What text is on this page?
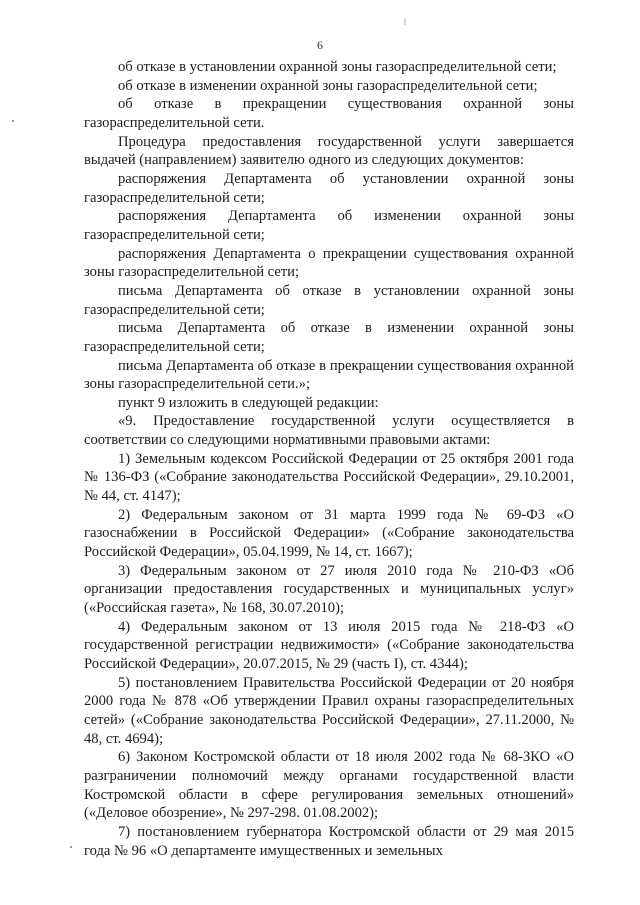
6

об отказе в установлении охранной зоны газораспределительной сети;

об отказе в изменении охранной зоны газораспределительной сети;

об отказе в прекращении существования охранной зоны газораспределительной сети.

Процедура предоставления государственной услуги завершается выдачей (направлением) заявителю одного из следующих документов:

распоряжения Департамента об установлении охранной зоны газораспределительной сети;

распоряжения Департамента об изменении охранной зоны газораспределительной сети;

распоряжения Департамента о прекращении существования охранной зоны газораспределительной сети;

письма Департамента об отказе в установлении охранной зоны газораспределительной сети;

письма Департамента об отказе в изменении охранной зоны газораспределительной сети;

письма Департамента об отказе в прекращении существования охранной зоны газораспределительной сети.»;

пункт 9 изложить в следующей редакции:

«9. Предоставление государственной услуги осуществляется в соответствии со следующими нормативными правовыми актами:

1) Земельным кодексом Российской Федерации от 25 октября 2001 года № 136-ФЗ («Собрание законодательства Российской Федерации», 29.10.2001, № 44, ст. 4147);

2) Федеральным законом от 31 марта 1999 года № 69-ФЗ «О газоснабжении в Российской Федерации» («Собрание законодательства Российской Федерации», 05.04.1999, № 14, ст. 1667);

3) Федеральным законом от 27 июля 2010 года № 210-ФЗ «Об организации предоставления государственных и муниципальных услуг» («Российская газета», № 168, 30.07.2010);

4) Федеральным законом от 13 июля 2015 года № 218-ФЗ «О государственной регистрации недвижимости» («Собрание законодательства Российской Федерации», 20.07.2015, № 29 (часть I), ст. 4344);

5) постановлением Правительства Российской Федерации от 20 ноября 2000 года № 878 «Об утверждении Правил охраны газораспределительных сетей» («Собрание законодательства Российской Федерации», 27.11.2000, № 48, ст. 4694);

6) Законом Костромской области от 18 июля 2002 года № 68-ЗКО «О разграничении полномочий между органами государственной власти Костромской области в сфере регулирования земельных отношений» («Деловое обозрение», № 297-298. 01.08.2002);

7) постановлением губернатора Костромской области от 29 мая 2015 года № 96 «О департаменте имущественных и земельных
